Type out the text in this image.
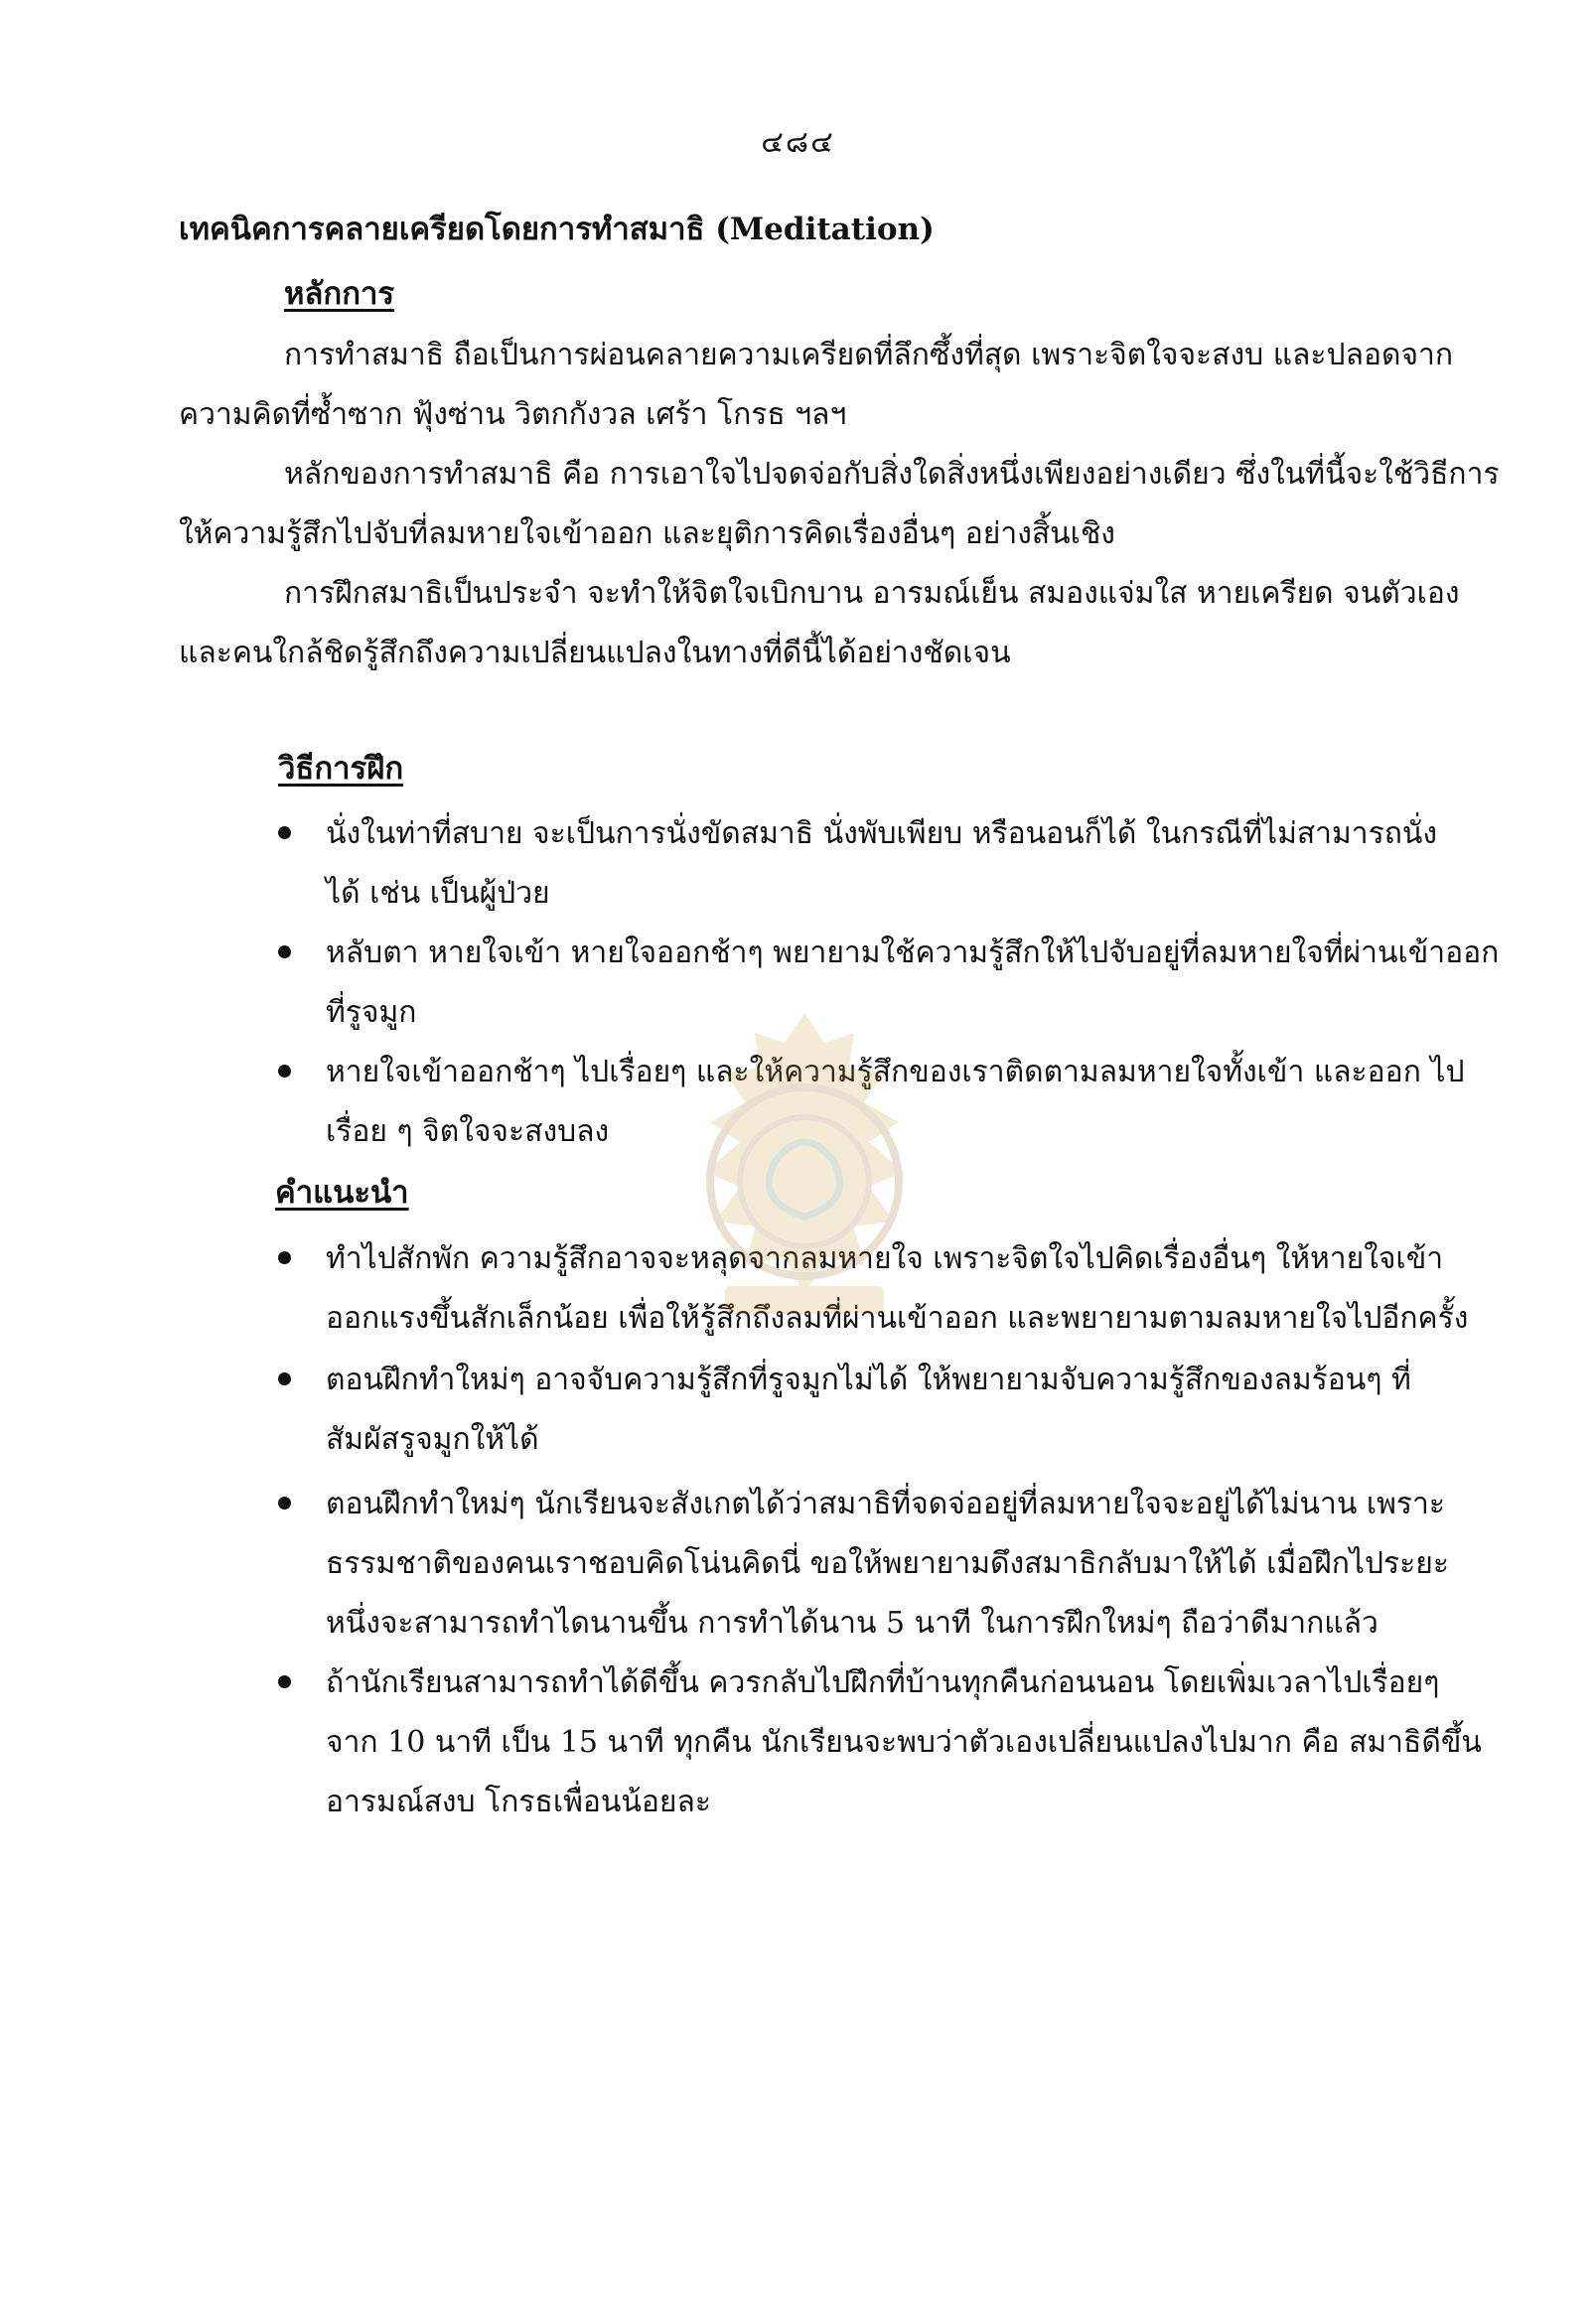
๔๘๔
เทคนิคการคลายเครียดโดยการทำสมาธิ (Meditation)
หลักการ
การทำสมาธิ ถือเป็นการผ่อนคลายความเครียดที่ลึกซึ้งที่สุด เพราะจิตใจจะสงบ และปลอดจาก
ความคิดที่ซ้ำซาก ฟุ้งซ่าน วิตกกังวล เศร้า โกรธ ฯลฯ
หลักของการทำสมาธิ คือ การเอาใจไปจดจ่อกับสิ่งใดสิ่งหนึ่งเพียงอย่างเดียว ซึ่งในที่นี้จะใช้วิธีการ
ให้ความรู้สึกไปจับที่ลมหายใจเข้าออก และยุติการคิดเรื่องอื่นๆ อย่างสิ้นเชิง
การฝึกสมาธิเป็นประจำ จะทำให้จิตใจเบิกบาน อารมณ์เย็น สมองแจ่มใส หายเครียด จนตัวเอง
และคนใกล้ชิดรู้สึกถึงความเปลี่ยนแปลงในทางที่ดีนี้ได้อย่างชัดเจน
วิธีการฝึก
นั่งในท่าที่สบาย จะเป็นการนั่งขัดสมาธิ นั่งพับเพียบ หรือนอนก็ได้ ในกรณีที่ไม่สามารถนั่ง
ได้ เช่น เป็นผู้ป่วย
หลับตา หายใจเข้า หายใจออกช้าๆ พยายามใช้ความรู้สึกให้ไปจับอยู่ที่ลมหายใจที่ผ่านเข้าออก
ที่รูจมูก
หายใจเข้าออกช้าๆ ไปเรื่อยๆ และให้ความรู้สึกของเราติดตามลมหายใจทั้งเข้า และออก ไป
เรื่อย ๆ จิตใจจะสงบลง
คำแนะนำ
ทำไปสักพัก ความรู้สึกอาจจะหลุดจากลมหายใจ เพราะจิตใจไปคิดเรื่องอื่นๆ ให้หายใจเข้า
ออกแรงขึ้นสักเล็กน้อย เพื่อให้รู้สึกถึงลมที่ผ่านเข้าออก และพยายามตามลมหายใจไปอีกครั้ง
ตอนฝึกทำใหม่ๆ อาจจับความรู้สึกที่รูจมูกไม่ได้ ให้พยายามจับความรู้สึกของลมร้อนๆ ที่
สัมผัสรูจมูกให้ได้
ตอนฝึกทำใหม่ๆ นักเรียนจะสังเกตได้ว่าสมาธิที่จดจ่ออยู่ที่ลมหายใจจะอยู่ได้ไม่นาน เพราะ
ธรรมชาติของคนเราชอบคิดโน่นคิดนี่ ขอให้พยายามดึงสมาธิกลับมาให้ได้ เมื่อฝึกไประยะ
หนึ่งจะสามารถทำไดนานขึ้น การทำได้นาน 5 นาที ในการฝึกใหม่ๆ ถือว่าดีมากแล้ว
ถ้านักเรียนสามารถทำได้ดีขึ้น ควรกลับไปฝึกที่บ้านทุกคืนก่อนนอน โดยเพิ่มเวลาไปเรื่อยๆ
จาก 10 นาที เป็น 15 นาที ทุกคืน นักเรียนจะพบว่าตัวเองเปลี่ยนแปลงไปมาก คือ สมาธิดีขึ้น
อารมณ์สงบ โกรธเพื่อนน้อยละ
